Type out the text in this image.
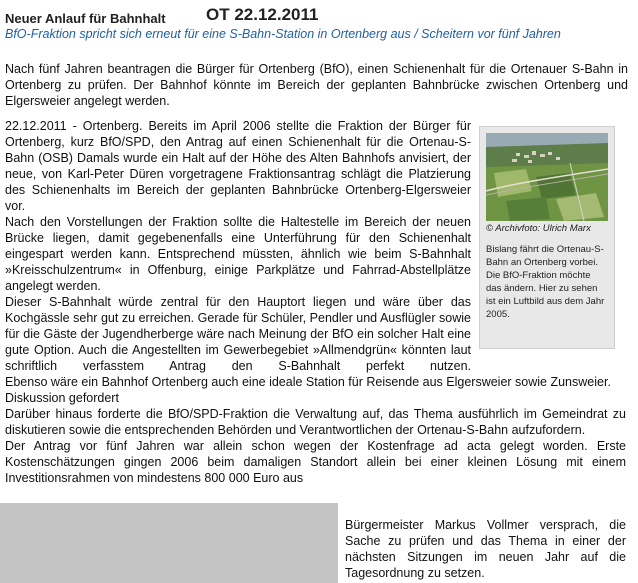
Neuer Anlauf für Bahnhalt OT 22.12.2011
BfO-Fraktion spricht sich erneut für eine S-Bahn-Station in Ortenberg aus / Scheitern vor fünf Jahren

Nach fünf Jahren beantragen die Bürger für Ortenberg (BfO), einen Schienenhalt für die Ortenauer S-Bahn in Ortenberg zu prüfen. Der Bahnhof könnte im Bereich der geplanten Bahnbrücke zwischen Ortenberg und Elgersweier angelegt werden.

22.12.2011 - Ortenberg. Bereits im April 2006 stellte die Fraktion der Bürger für Ortenberg, kurz BfO/SPD, den Antrag auf einen Schienenhalt für die Ortenau-S-Bahn (OSB) Damals wurde ein Halt auf der Höhe des Alten Bahnhofs anvisiert, der neue, von Karl-Peter Düren vorgetragene Fraktionsantrag schlägt die Platzierung des Schienenhalts im Bereich der geplanten Bahnbrücke Ortenberg-Elgersweier vor.

Nach den Vorstellungen der Fraktion sollte die Haltestelle im Bereich der neuen Brücke liegen, damit gegebenenfalls eine Unterführung für den Schienenhalt eingespart werden kann. Entsprechend müssten, ähnlich wie beim S-Bahnhalt »Kreisschulzentrum« in Offenburg, einige Parkplätze und Fahrrad-Abstellplätze angelegt werden.

Dieser S-Bahnhalt würde zentral für den Hauptort liegen und wäre über das Kochgässle sehr gut zu erreichen. Gerade für Schüler, Pendler und Ausflügler sowie für die Gäste der Jugendherberge wäre nach Meinung der BfO ein solcher Halt eine gute Option. Auch die Angestellten im Gewerbegebiet »Allmendgrün« könnten laut schriftlich verfasstem Antrag den S-Bahnhalt perfekt nutzen.

© Archivfoto: Ulrich Marx

Bislang fährt die Ortenau-S-Bahn an Ortenberg vorbei. Die BfO-Fraktion möchte das ändern. Hier zu sehen ist ein Luftbild aus dem Jahr 2005.

Ebenso wäre ein Bahnhof Ortenberg auch eine ideale Station für Reisende aus Elgersweier sowie Zunsweier.

Diskussion gefordert

Darüber hinaus forderte die BfO/SPD-Fraktion die Verwaltung auf, das Thema ausführlich im Gemeindrat zu diskutieren sowie die entsprechenden Behörden und Verantwortlichen der Ortenau-S-Bahn aufzufordern.

Der Antrag vor fünf Jahren war allein schon wegen der Kostenfrage ad acta gelegt worden. Erste Kostenschätzungen gingen 2006 beim damaligen Standort allein bei einer kleinen Lösung mit einem Investitionsrahmen von mindestens 800 000 Euro aus

Bürgermeister Markus Vollmer versprach, die Sache zu prüfen und das Thema in einer der nächsten Sitzungen im neuen Jahr auf die Tagesordnung zu setzen.
